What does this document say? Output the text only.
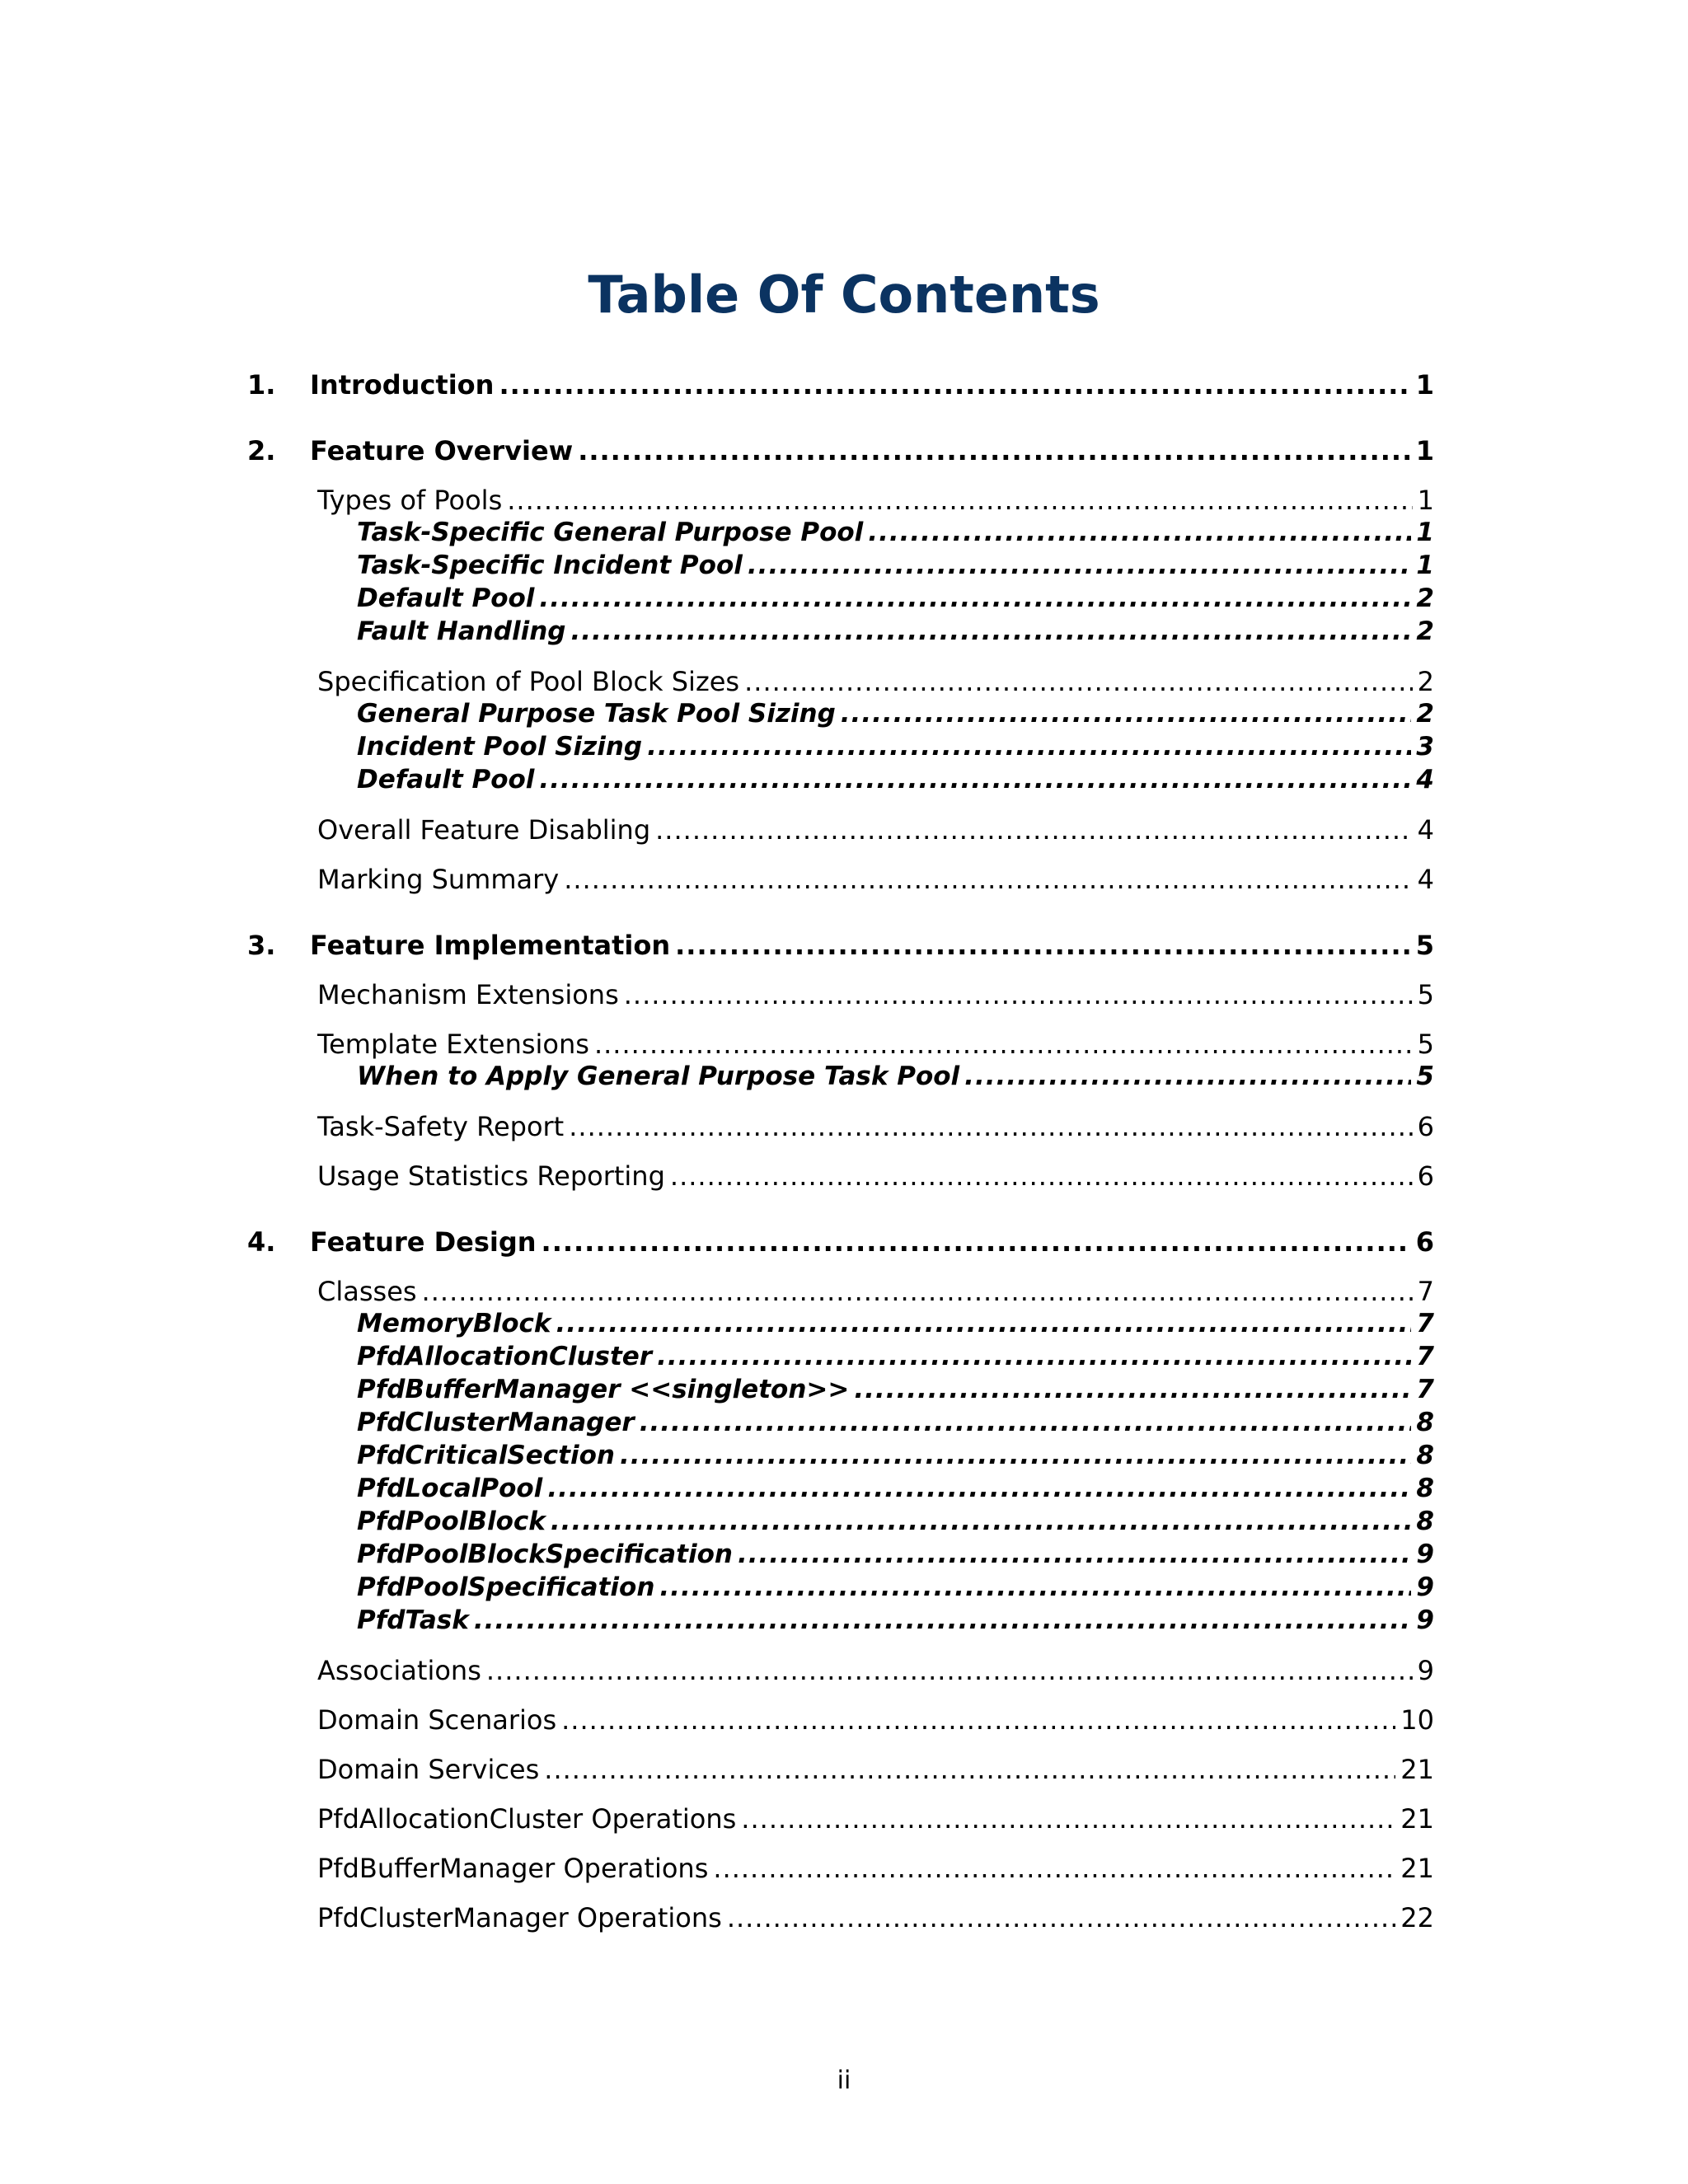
Table Of Contents
1.	Introduction .....	1
2.	Feature Overview .....	1
Types of Pools .....	1
Task-Specific General Purpose Pool .....	1
Task-Specific Incident Pool .....	1
Default Pool .....	2
Fault Handling .....	2
Specification of Pool Block Sizes .....	2
General Purpose Task Pool Sizing .....	2
Incident Pool Sizing .....	3
Default Pool .....	4
Overall Feature Disabling .....	4
Marking Summary .....	4
3.	Feature Implementation .....	5
Mechanism Extensions .....	5
Template Extensions .....	5
When to Apply General Purpose Task Pool .....	5
Task-Safety Report .....	6
Usage Statistics Reporting .....	6
4.	Feature Design .....	6
Classes .....	7
MemoryBlock .....	7
PfdAllocationCluster .....	7
PfdBufferManager <<singleton>> .....	7
PfdClusterManager .....	8
PfdCriticalSection .....	8
PfdLocalPool .....	8
PfdPoolBlock .....	8
PfdPoolBlockSpecification .....	9
PfdPoolSpecification .....	9
PfdTask .....	9
Associations .....	9
Domain Scenarios .....	10
Domain Services .....	21
PfdAllocationCluster Operations .....	21
PfdBufferManager Operations .....	21
PfdClusterManager Operations .....	22
ii
